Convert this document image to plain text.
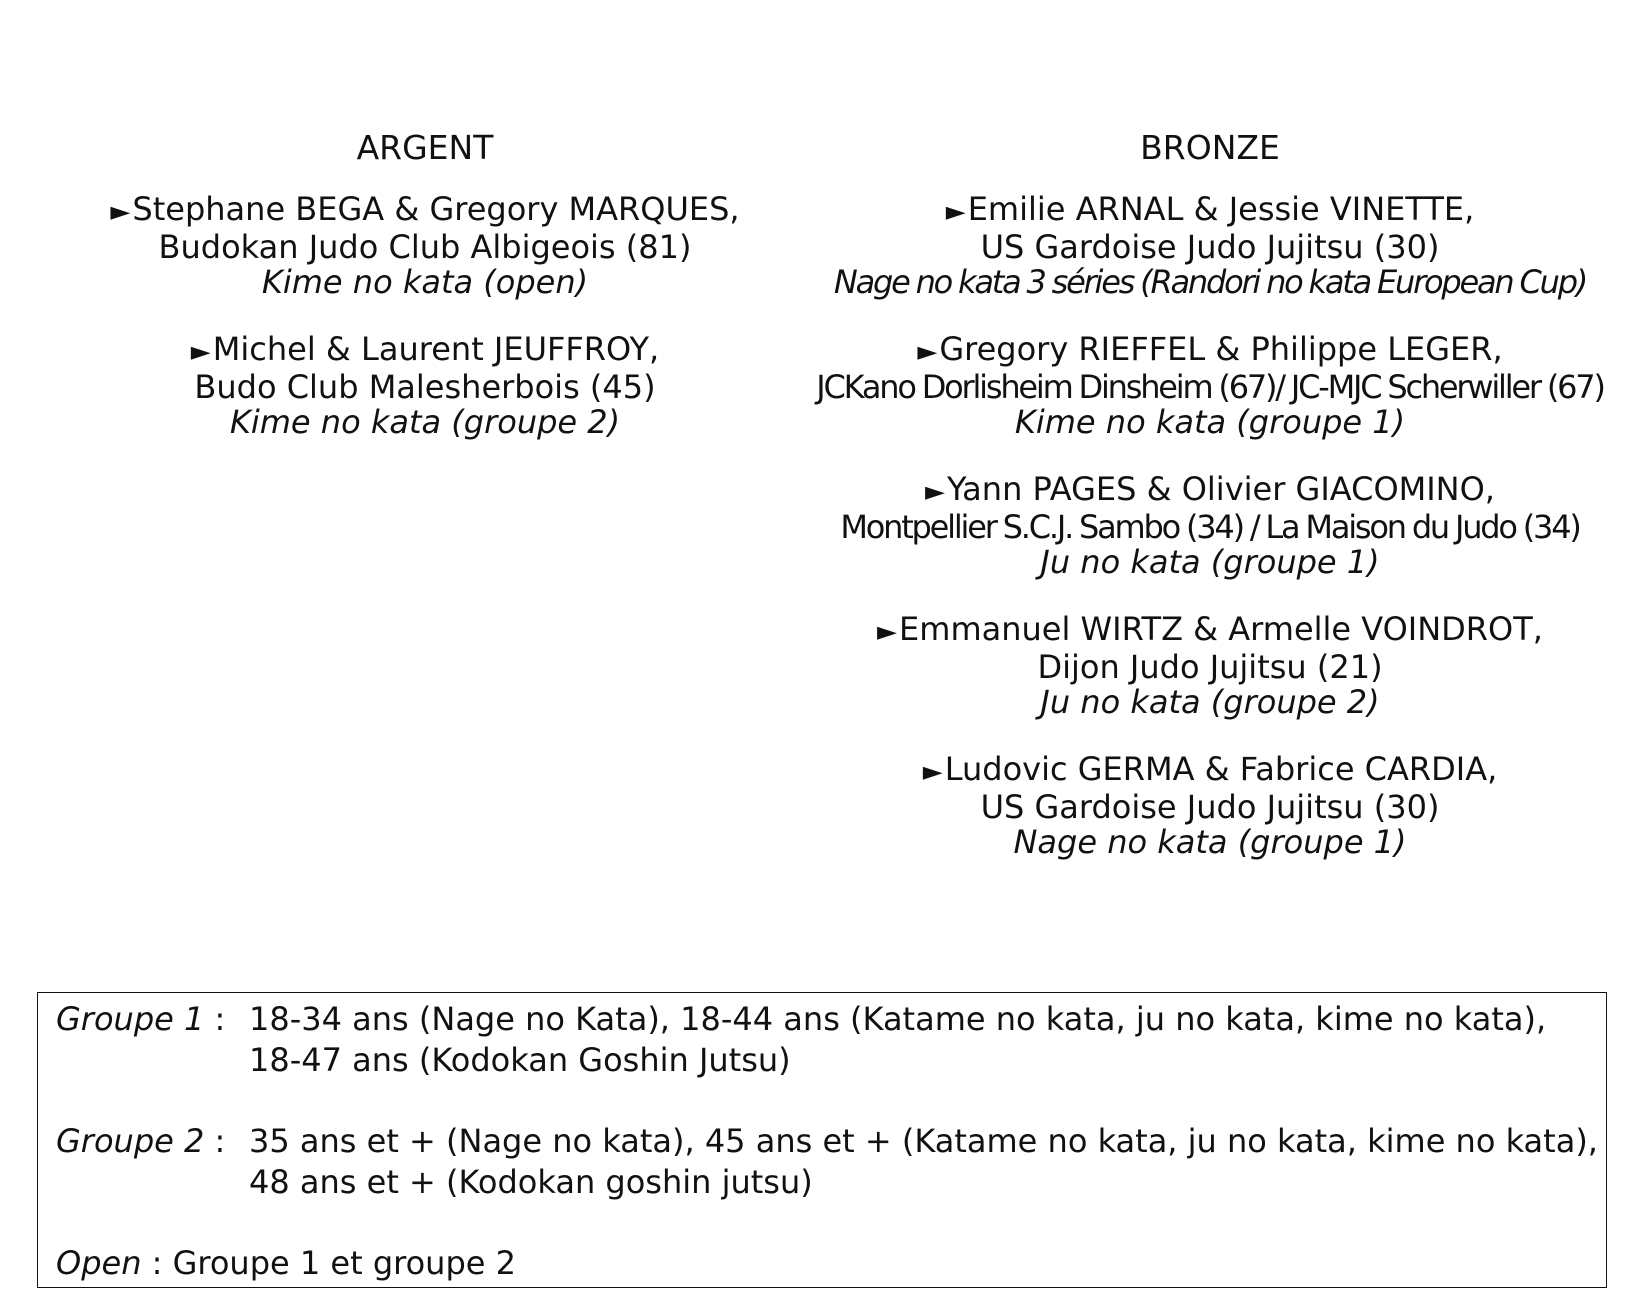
ARGENT
►Stephane BEGA & Gregory MARQUES,
Budokan Judo Club Albigeois (81)
Kime no kata (open)
►Michel & Laurent JEUFFROY,
Budo Club Malesherbois (45)
Kime no kata (groupe 2)
BRONZE
►Emilie ARNAL & Jessie VINETTE,
US Gardoise Judo Jujitsu (30)
Nage no kata 3 séries (Randori no kata European Cup)
►Gregory RIEFFEL & Philippe LEGER,
JCKano Dorlisheim Dinsheim (67)/ JC-MJC Scherwiller (67)
Kime no kata (groupe 1)
►Yann PAGES & Olivier GIACOMINO,
Montpellier S.C.J. Sambo (34) / La Maison du Judo (34)
Ju no kata (groupe 1)
►Emmanuel WIRTZ & Armelle VOINDROT,
Dijon Judo Jujitsu (21)
Ju no kata (groupe 2)
►Ludovic GERMA & Fabrice CARDIA,
US Gardoise Judo Jujitsu (30)
Nage no kata (groupe 1)
Groupe 1 : 18-34 ans (Nage no Kata), 18-44 ans (Katame no kata, ju no kata, kime no kata),
18-47 ans (Kodokan Goshin Jutsu)
Groupe 2 : 35 ans et + (Nage no kata), 45 ans et + (Katame no kata, ju no kata, kime no kata),
48 ans et + (Kodokan goshin jutsu)
Open : Groupe 1 et groupe 2
